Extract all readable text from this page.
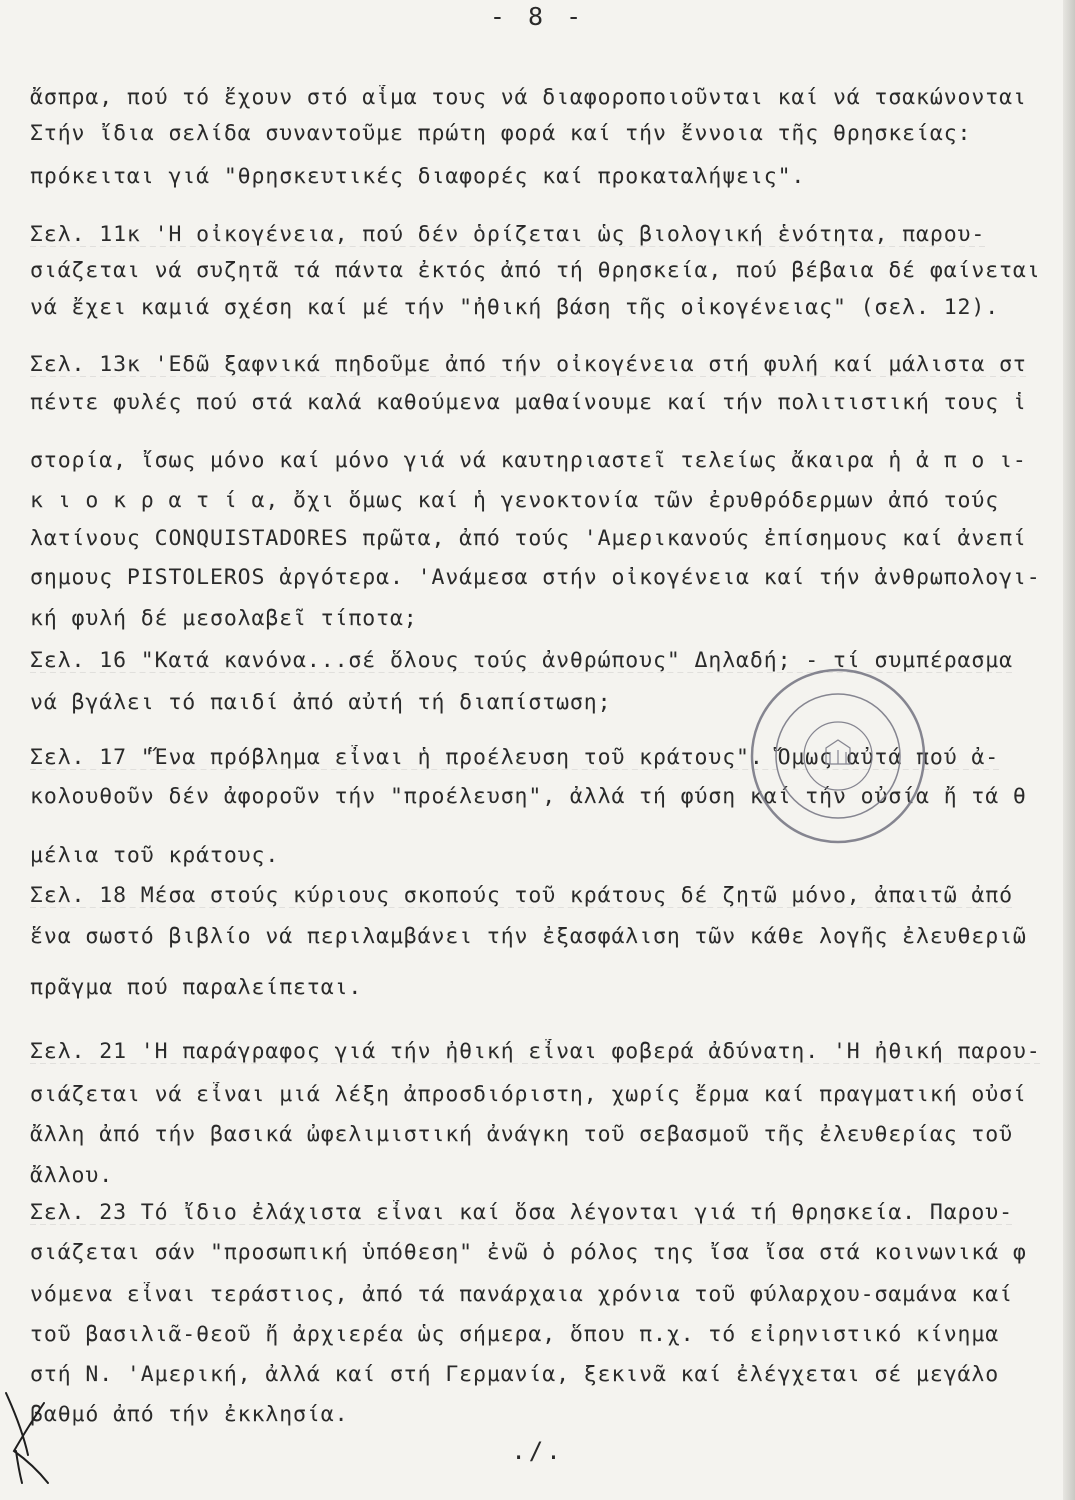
- 8 -
ἄσπρα, πού τό ἔχουν στό αἷμα τους νά διαφοροποιοῦνται καί νά τσακώνονται
Στήν ἴδια σελίδα συναντοῦμε πρώτη φορά καί τήν ἔννοια τῆς θρησκείας:
πρόκειται γιά "θρησκευτικές διαφορές καί προκαταλήψεις".
Σελ. 11κ 'Η οἰκογένεια, πού δέν ὁρίζεται ὡς βιολογική ἑνότητα, παρου-
σιάζεται νά συζητᾶ τά πάντα ἐκτός ἀπό τή θρησκεία, πού βέβαια δέ φαίνεται
νά ἔχει καμιά σχέση καί μέ τήν "ἠθική βάση τῆς οἰκογένειας" (σελ. 12).
Σελ. 13κ 'Εδῶ ξαφνικά πηδοῦμε ἀπό τήν οἰκογένεια στή φυλή καί μάλιστα στ
πέντε φυλές πού στά καλά καθούμενα μαθαίνουμε καί τήν πολιτιστική τους ἱ
στορία, ἴσως μόνο καί μόνο γιά νά καυτηριαστεῖ τελείως ἄκαιρα ἡ ἀ π ο ι-
κ ι ο κ ρ α τ ί α, ὄχι ὅμως καί ἡ γενοκτονία τῶν ἐρυθρόδερμων ἀπό τούς
λατίνους CONQUISTADORES πρῶτα, ἀπό τούς 'Αμερικανούς ἐπίσημους καί ἀνεπί
σημους PISTOLEROS ἀργότερα. 'Ανάμεσα στήν οἰκογένεια καί τήν ἀνθρωπολογι-
κή φυλή δέ μεσολαβεῖ τίποτα;
Σελ. 16 "Κατά κανόνα...σέ ὅλους τούς ἀνθρώπους" Δηλαδή; - τί συμπέρασμα
νά βγάλει τό παιδί ἀπό αὐτή τή διαπίστωση;
Σελ. 17 "Ἕνα πρόβλημα εἶναι ἡ προέλευση τοῦ κράτους". Ὅμως αὐτά πού ἀ-
κολουθοῦν δέν ἀφοροῦν τήν "προέλευση", ἀλλά τή φύση καί τήν οὐσία ἤ τά θ
μέλια τοῦ κράτους.
Σελ. 18 Μέσα στούς κύριους σκοπούς τοῦ κράτους δέ ζητῶ μόνο, ἀπαιτῶ ἀπό
ἕνα σωστό βιβλίο νά περιλαμβάνει τήν ἐξασφάλιση τῶν κάθε λογῆς ἐλευθεριῶ
πρᾶγμα πού παραλείπεται.
Σελ. 21 'Η παράγραφος γιά τήν ἠθική εἶναι φοβερά ἀδύνατη. 'Η ἠθική παρου-
σιάζεται νά εἶναι μιά λέξη ἀπροσδιόριστη, χωρίς ἔρμα καί πραγματική οὐσί
ἄλλη ἀπό τήν βασικά ὠφελιμιστική ἀνάγκη τοῦ σεβασμοῦ τῆς ἐλευθερίας τοῦ
ἄλλου.
Σελ. 23 Τό ἴδιο ἐλάχιστα εἶναι καί ὅσα λέγονται γιά τή θρησκεία. Παρου-
σιάζεται σάν "προσωπική ὑπόθεση" ἐνῶ ὁ ρόλος της ἴσα ἴσα στά κοινωνικά φ
νόμενα εἶναι τεράστιος, ἀπό τά πανάρχαια χρόνια τοῦ φύλαρχου-σαμάνα καί
τοῦ βασιλιᾶ-θεοῦ ἤ ἀρχιερέα ὡς σήμερα, ὅπου π.χ. τό εἰρηνιστικό κίνημα
στή Ν. 'Αμερική, ἀλλά καί στή Γερμανία, ξεκινᾶ καί ἐλέγχεται σέ μεγάλο
βαθμό ἀπό τήν ἐκκλησία.
./.
